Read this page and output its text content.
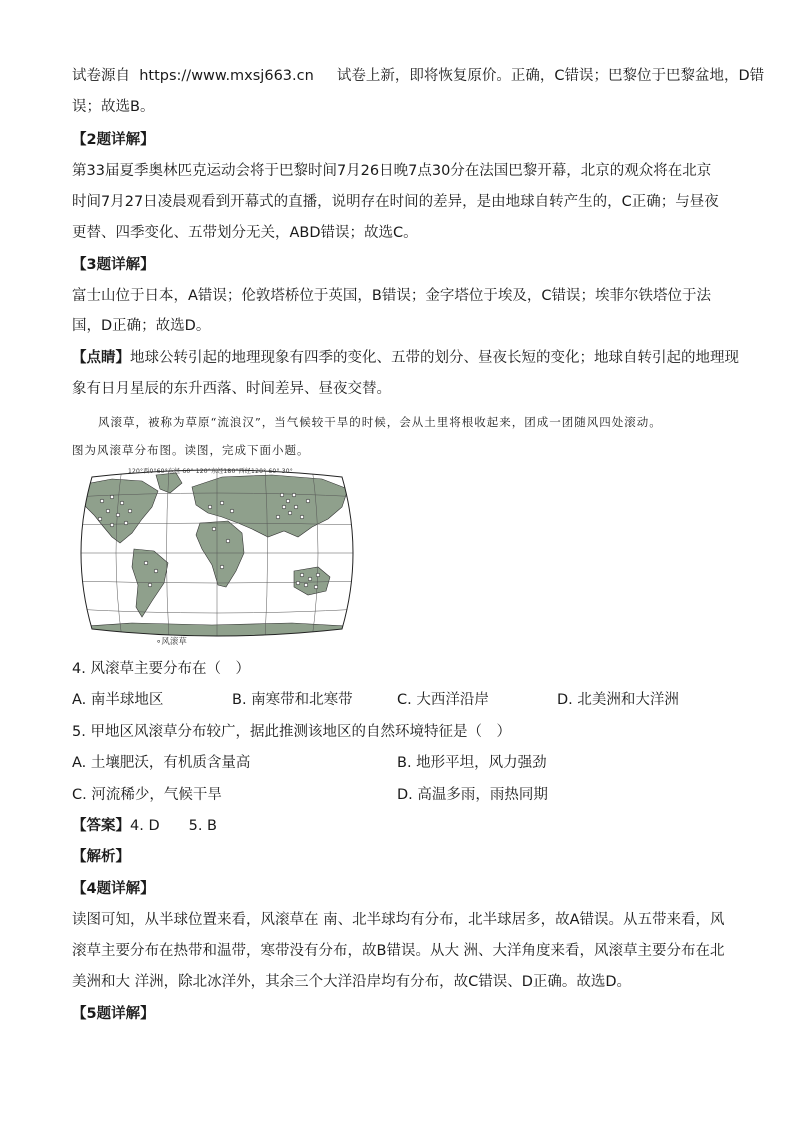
试卷源自 https://www.mxsj663.cn 试卷上新，即将恢复原价。正确，C错误；巴黎位于巴黎盆地，D错
误；故选B。
【2题详解】
第33届夏季奥林匹克运动会将于巴黎时间7月26日晚7点30分在法国巴黎开幕，北京的观众将在北京
时间7月27日凌晨观看到开幕式的直播，说明存在时间的差异，是由地球自转产生的，C正确；与昼夜
更替、四季变化、五带划分无关，ABD错误；故选C。
【3题详解】
富士山位于日本，A错误；伦敦塔桥位于英国，B错误；金字塔位于埃及，C错误；埃菲尔铁塔位于法
国，D正确；故选D。
【点睛】地球公转引起的地理现象有四季的变化、五带的划分、昼夜长短的变化；地球自转引起的地理现
象有日月星辰的东升西落、时间差异、昼夜交替。
风滚草，被称为草原“流浪汉”，当气候较干旱的时候，会从土里将根收起来，团成一团随风四处滚动。
图为风滚草分布图。读图，完成下面小题。
120°西0°60°东经 60° 120°东经180°西经120° 60° 30°
∘风滚草
4. 风滚草主要分布在（　）
A. 南半球地区	B. 南寒带和北寒带	C. 大西洋沿岸	D. 北美洲和大洋洲
5. 甲地区风滚草分布较广，据此推测该地区的自然环境特征是（　）
A. 土壤肥沃，有机质含量高	B. 地形平坦，风力强劲
C. 河流稀少，气候干旱	D. 高温多雨，雨热同期
【答案】4. D　　5. B
【解析】
【4题详解】
读图可知，从半球位置来看，风滚草在 南、北半球均有分布，北半球居多，故A错误。从五带来看，风
滚草主要分布在热带和温带，寒带没有分布，故B错误。从大 洲、大洋角度来看，风滚草主要分布在北
美洲和大 洋洲，除北冰洋外，其余三个大洋沿岸均有分布，故C错误、D正确。故选D。
【5题详解】
